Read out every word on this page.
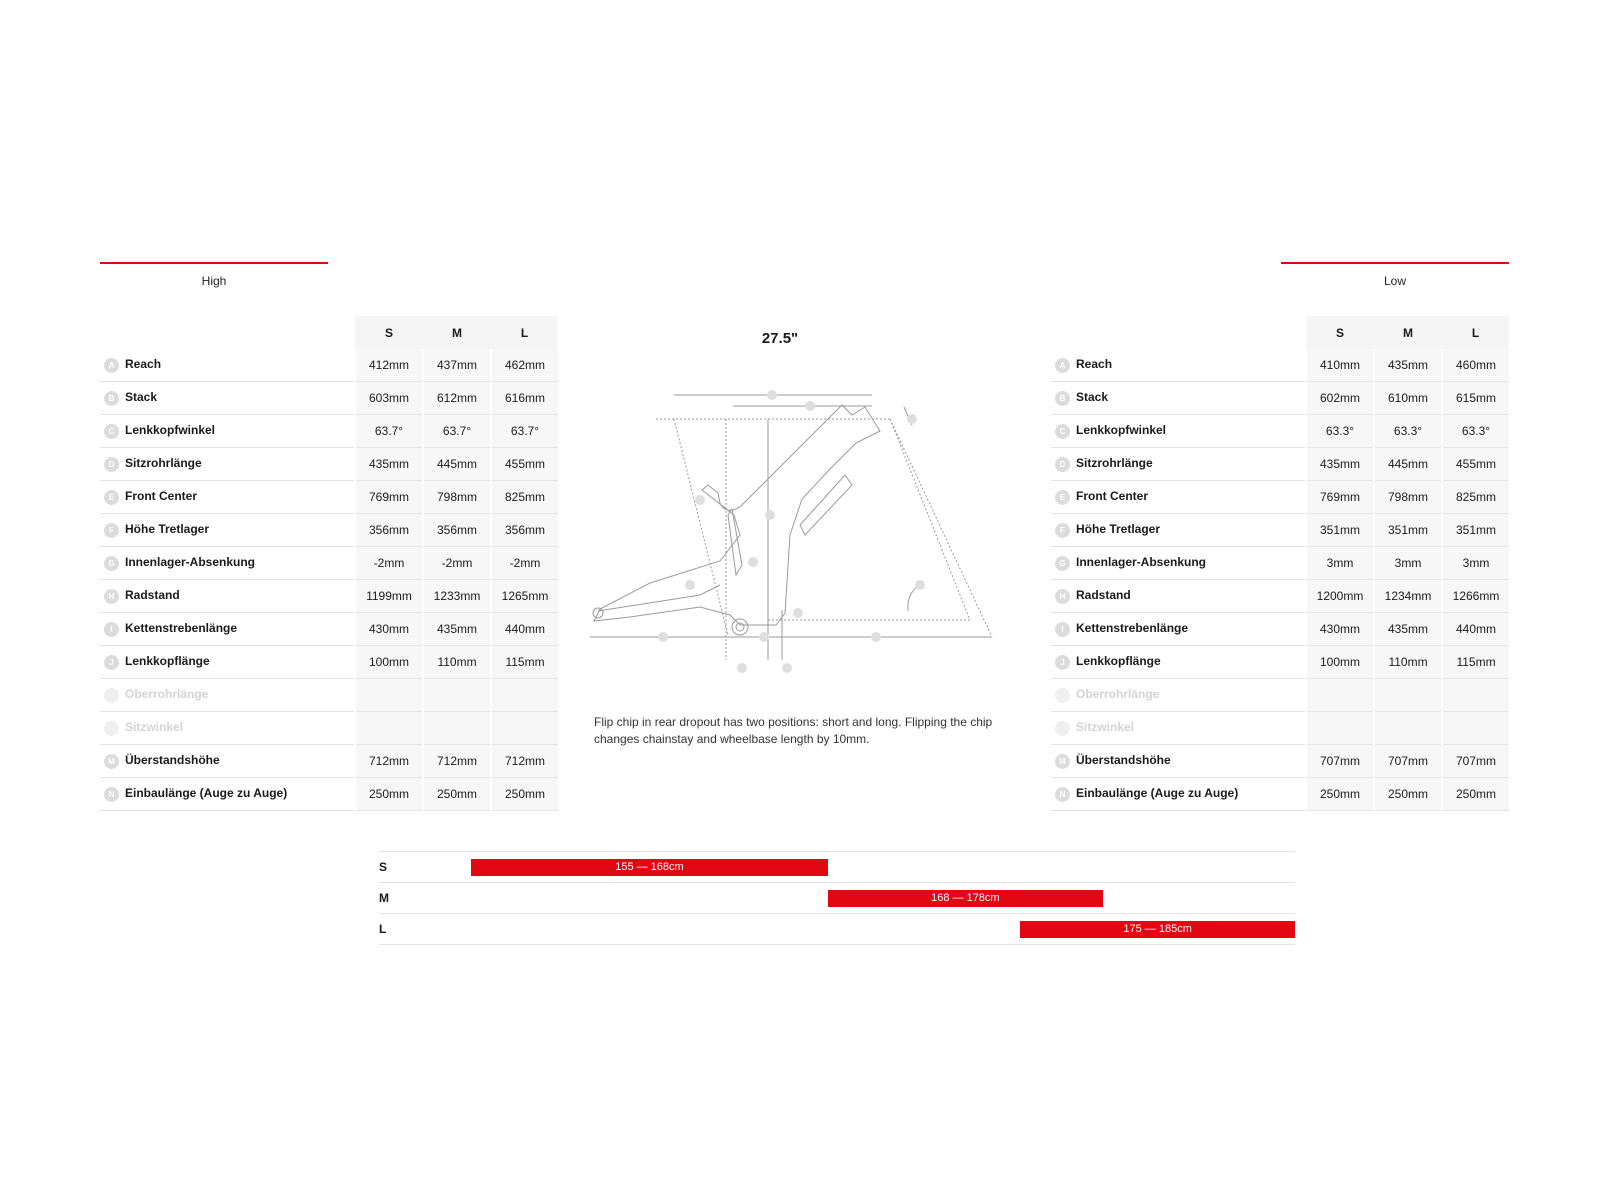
High
	S	M	L
A Reach	412mm	437mm	462mm
B Stack	603mm	612mm	616mm
C Lenkkopfwinkel	63.7°	63.7°	63.7°
D Sitzrohrlänge	435mm	445mm	455mm
E Front Center	769mm	798mm	825mm
F Höhe Tretlager	356mm	356mm	356mm
G Innenlager-Absenkung	-2mm	-2mm	-2mm
H Radstand	1199mm	1233mm	1265mm
I Kettenstrebenlänge	430mm	435mm	440mm
J Lenkkopflänge	100mm	110mm	115mm
Oberrohrlänge			
Sitzwinkel			
M Überstandshöhe	712mm	712mm	712mm
N Einbaulänge (Auge zu Auge)	250mm	250mm	250mm
27.5"
Flip chip in rear dropout has two positions: short and long. Flipping the chip changes chainstay and wheelbase length by 10mm.
Low
	S	M	L
A Reach	410mm	435mm	460mm
B Stack	602mm	610mm	615mm
C Lenkkopfwinkel	63.3°	63.3°	63.3°
D Sitzrohrlänge	435mm	445mm	455mm
E Front Center	769mm	798mm	825mm
F Höhe Tretlager	351mm	351mm	351mm
G Innenlager-Absenkung	3mm	3mm	3mm
H Radstand	1200mm	1234mm	1266mm
I Kettenstrebenlänge	430mm	435mm	440mm
J Lenkkopflänge	100mm	110mm	115mm
Oberrohrlänge			
Sitzwinkel			
M Überstandshöhe	707mm	707mm	707mm
N Einbaulänge (Auge zu Auge)	250mm	250mm	250mm
S	155 — 168cm
M	168 — 178cm
L	175 — 185cm
